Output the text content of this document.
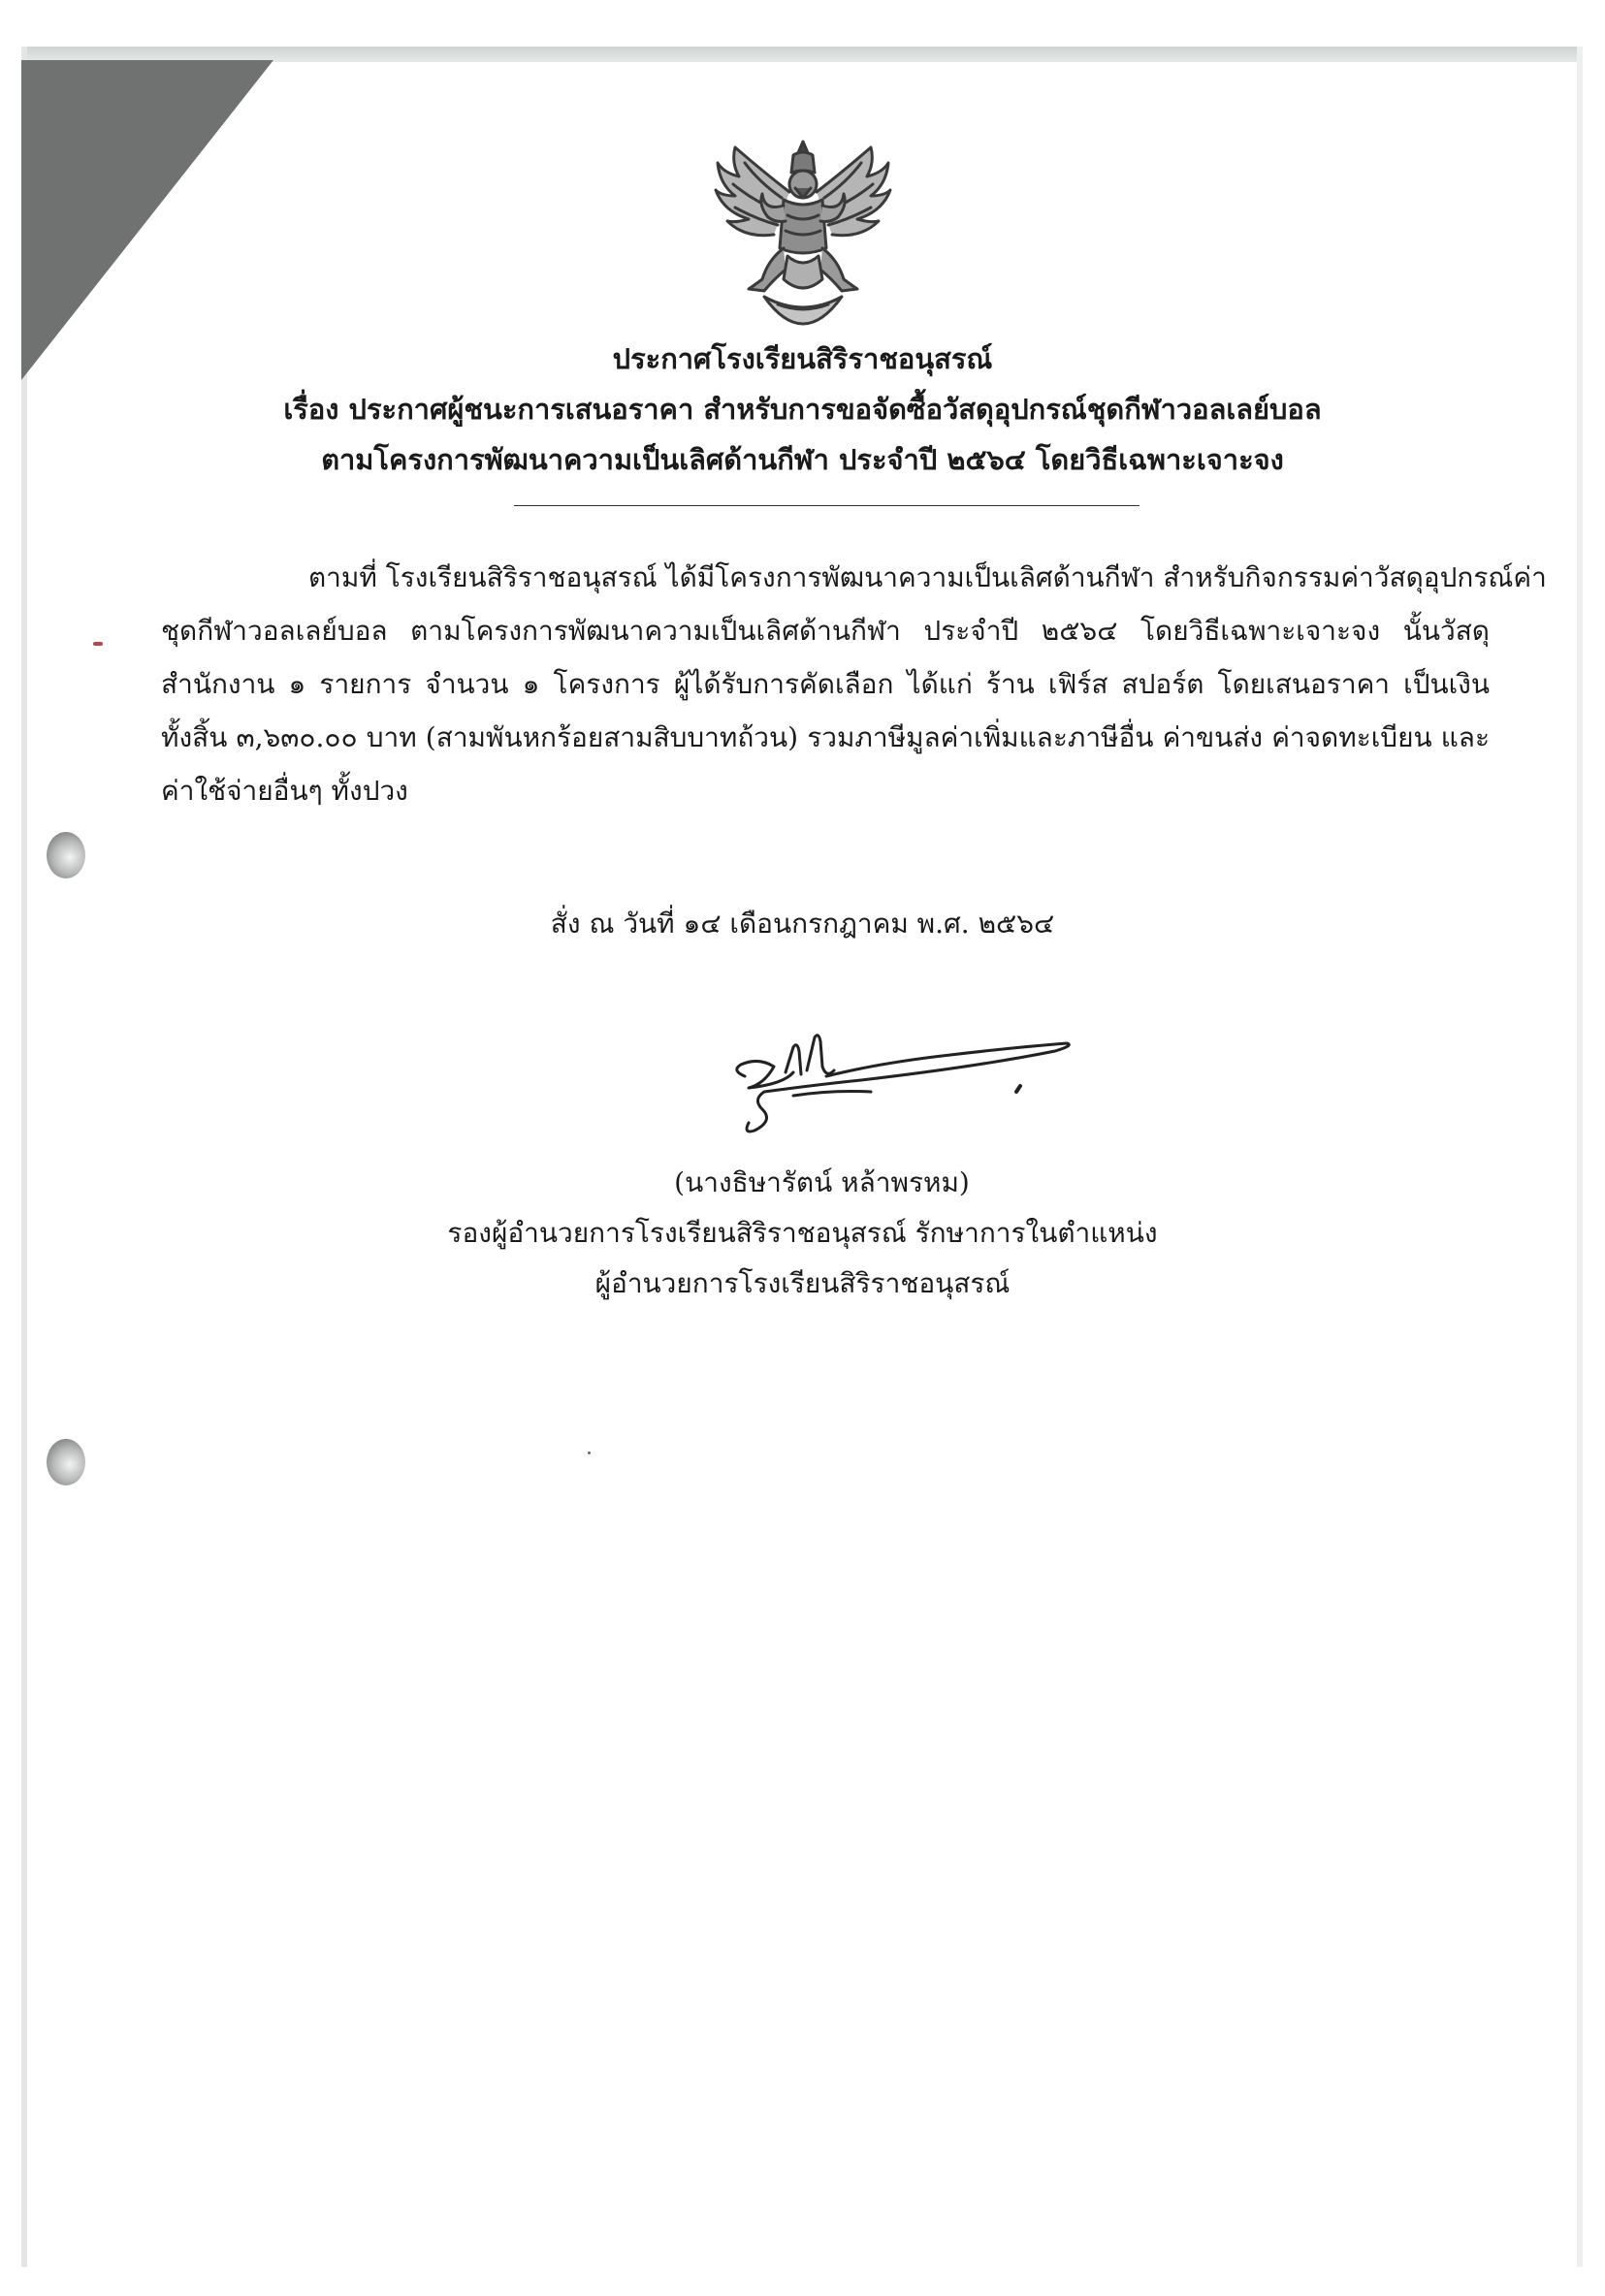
ประกาศโรงเรียนสิริราชอนุสรณ์
เรื่อง ประกาศผู้ชนะการเสนอราคา สำหรับการขอจัดซื้อวัสดุอุปกรณ์ชุดกีฬาวอลเลย์บอล
ตามโครงการพัฒนาความเป็นเลิศด้านกีฬา ประจำปี ๒๕๖๔ โดยวิธีเฉพาะเจาะจง
ตามที่ โรงเรียนสิริราชอนุสรณ์ ได้มีโครงการพัฒนาความเป็นเลิศด้านกีฬา สำหรับกิจกรรมค่าวัสดุอุปกรณ์ค่า
ชุดกีฬาวอลเลย์บอล ตามโครงการพัฒนาความเป็นเลิศด้านกีฬา ประจำปี ๒๕๖๔ โดยวิธีเฉพาะเจาะจง นั้นวัสดุ
สำนักงาน ๑ รายการ จำนวน ๑ โครงการ ผู้ได้รับการคัดเลือก ได้แก่ ร้าน เฟิร์ส สปอร์ต โดยเสนอราคา เป็นเงิน
ทั้งสิ้น ๓,๖๓๐.๐๐ บาท (สามพันหกร้อยสามสิบบาทถ้วน) รวมภาษีมูลค่าเพิ่มและภาษีอื่น ค่าขนส่ง ค่าจดทะเบียน และ
ค่าใช้จ่ายอื่นๆ ทั้งปวง
สั่ง ณ วันที่ ๑๔ เดือนกรกฎาคม พ.ศ. ๒๕๖๔
(นางธิษารัตน์ หล้าพรหม)
รองผู้อำนวยการโรงเรียนสิริราชอนุสรณ์ รักษาการในตำแหน่ง
ผู้อำนวยการโรงเรียนสิริราชอนุสรณ์
